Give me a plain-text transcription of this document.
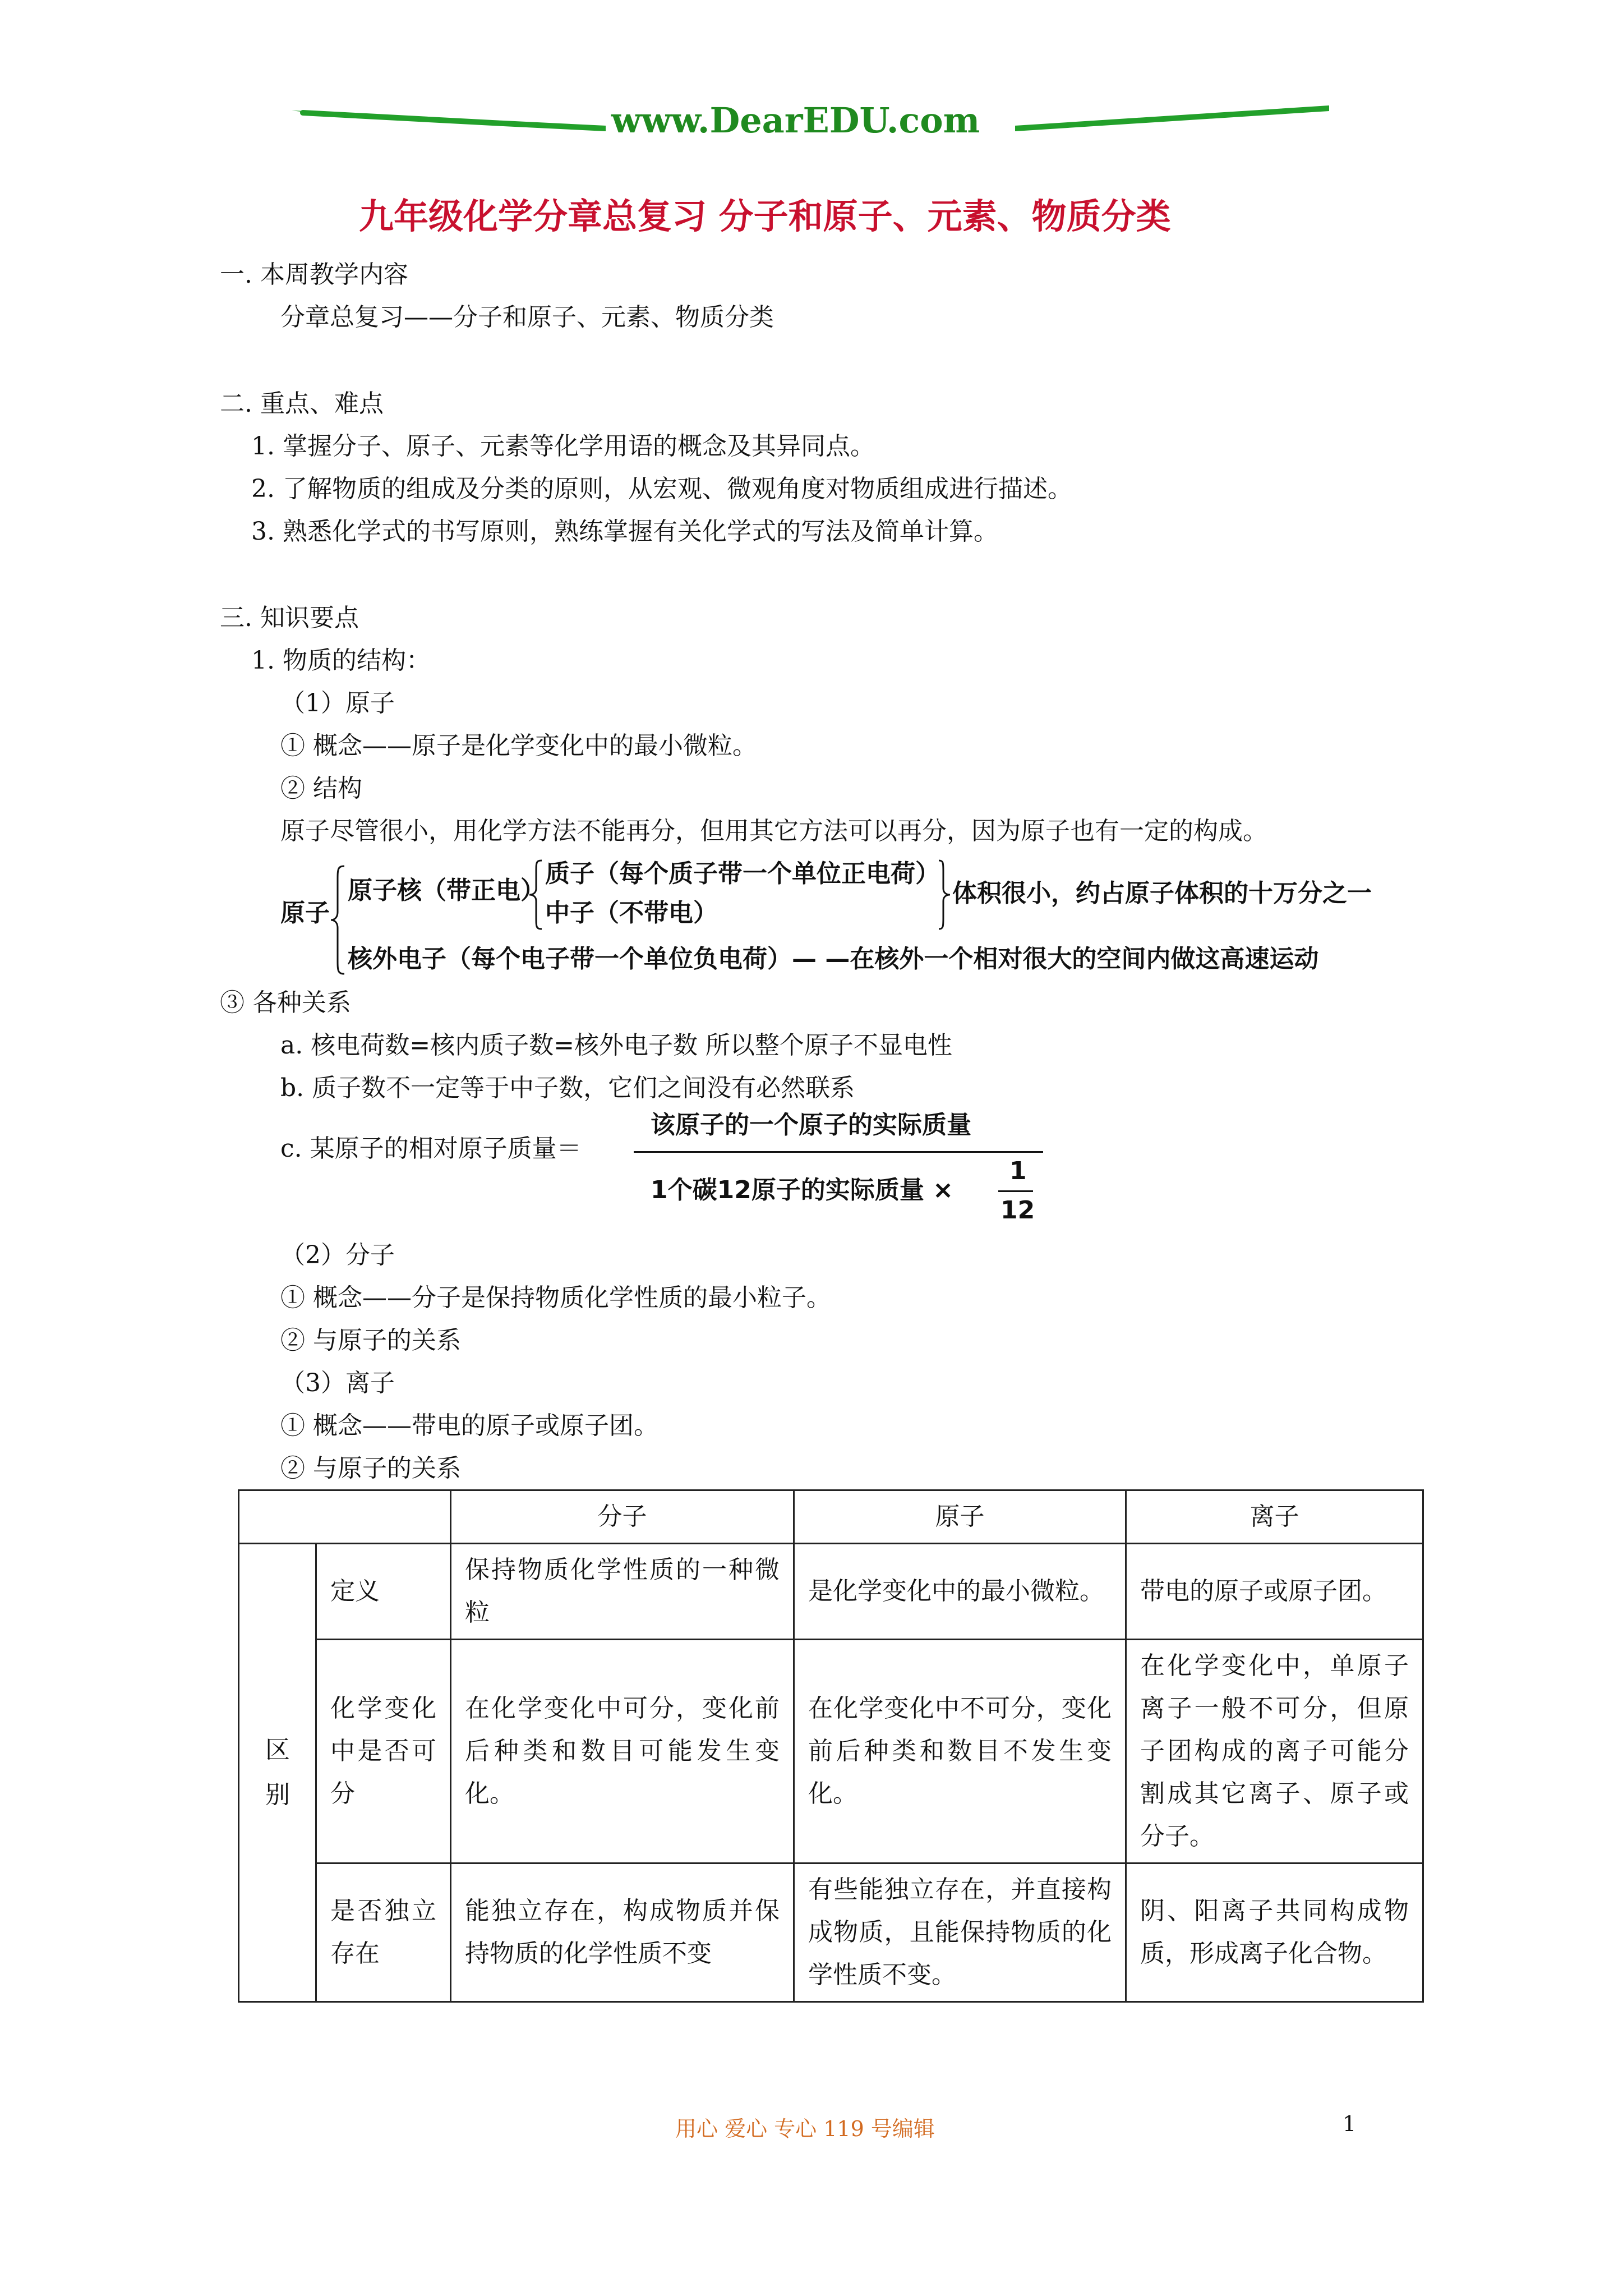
www.DearEDU.com
九年级化学分章总复习 分子和原子、元素、物质分类
一. 本周教学内容
分章总复习——分子和原子、元素、物质分类
二. 重点、难点
1. 掌握分子、原子、元素等化学用语的概念及其异同点。
2. 了解物质的组成及分类的原则，从宏观、微观角度对物质组成进行描述。
3. 熟悉化学式的书写原则，熟练掌握有关化学式的写法及简单计算。
三. 知识要点
1. 物质的结构：
（1）原子
① 概念——原子是化学变化中的最小微粒。
② 结构
原子尽管很小，用化学方法不能再分，但用其它方法可以再分，因为原子也有一定的构成。
原子
原子核（带正电）
质子（每个质子带一个单位正电荷）
中子（不带电）
体积很小，约占原子体积的十万分之一
核外电子（每个电子带一个单位负电荷）— —在核外一个相对很大的空间内做这高速运动
③ 各种关系
a. 核电荷数=核内质子数=核外电子数 所以整个原子不显电性
b. 质子数不一定等于中子数，它们之间没有必然联系
c. 某原子的相对原子质量＝
该原子的一个原子的实际质量
1个碳12原子的实际质量 ×
1
12
（2）分子
① 概念——分子是保持物质化学性质的最小粒子。
② 与原子的关系
（3）离子
① 概念——带电的原子或原子团。
② 与原子的关系
		分子	原子	离子
区别	定义	保持物质化学性质的一种微粒	是化学变化中的最小微粒。	带电的原子或原子团。
	化学变化中是否可分	在化学变化中可分，变化前后种类和数目可能发生变化。	在化学变化中不可分，变化前后种类和数目不发生变化。	在化学变化中，单原子离子一般不可分，但原子团构成的离子可能分割成其它离子、原子或分子。
	是否独立存在	能独立存在，构成物质并保持物质的化学性质不变	有些能独立存在，并直接构成物质，且能保持物质的化学性质不变。	阴、阳离子共同构成物质，形成离子化合物。
用心 爱心 专心 119 号编辑	1
